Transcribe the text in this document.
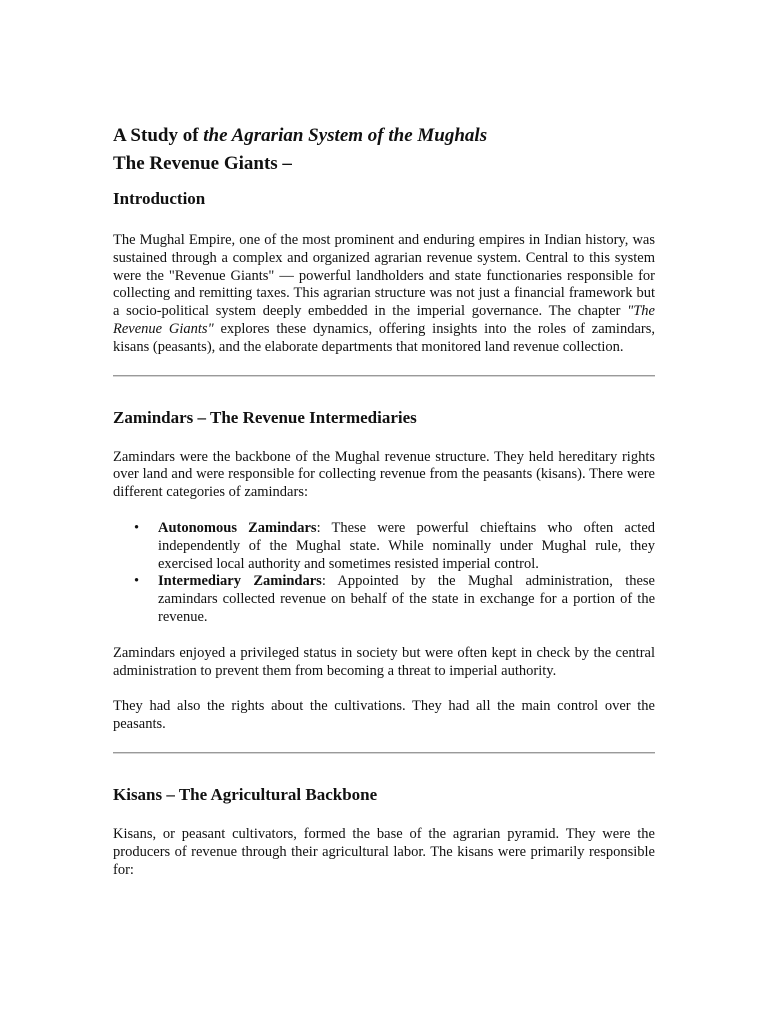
A Study of the Agrarian System of the Mughals
The Revenue Giants –
Introduction

The Mughal Empire, one of the most prominent and enduring empires in Indian history, was sustained through a complex and organized agrarian revenue system. Central to this system were the "Revenue Giants" — powerful landholders and state functionaries responsible for collecting and remitting taxes. This agrarian structure was not just a financial framework but a socio-political system deeply embedded in the imperial governance. The chapter "The Revenue Giants" explores these dynamics, offering insights into the roles of zamindars, kisans (peasants), and the elaborate departments that monitored land revenue collection.

Zamindars – The Revenue Intermediaries

Zamindars were the backbone of the Mughal revenue structure. They held hereditary rights over land and were responsible for collecting revenue from the peasants (kisans). There were different categories of zamindars:

• Autonomous Zamindars: These were powerful chieftains who often acted independently of the Mughal state. While nominally under Mughal rule, they exercised local authority and sometimes resisted imperial control.
• Intermediary Zamindars: Appointed by the Mughal administration, these zamindars collected revenue on behalf of the state in exchange for a portion of the revenue.

Zamindars enjoyed a privileged status in society but were often kept in check by the central administration to prevent them from becoming a threat to imperial authority.

They had also the rights about the cultivations. They had all the main control over the peasants.

Kisans – The Agricultural Backbone

Kisans, or peasant cultivators, formed the base of the agrarian pyramid. They were the producers of revenue through their agricultural labor. The kisans were primarily responsible for:
